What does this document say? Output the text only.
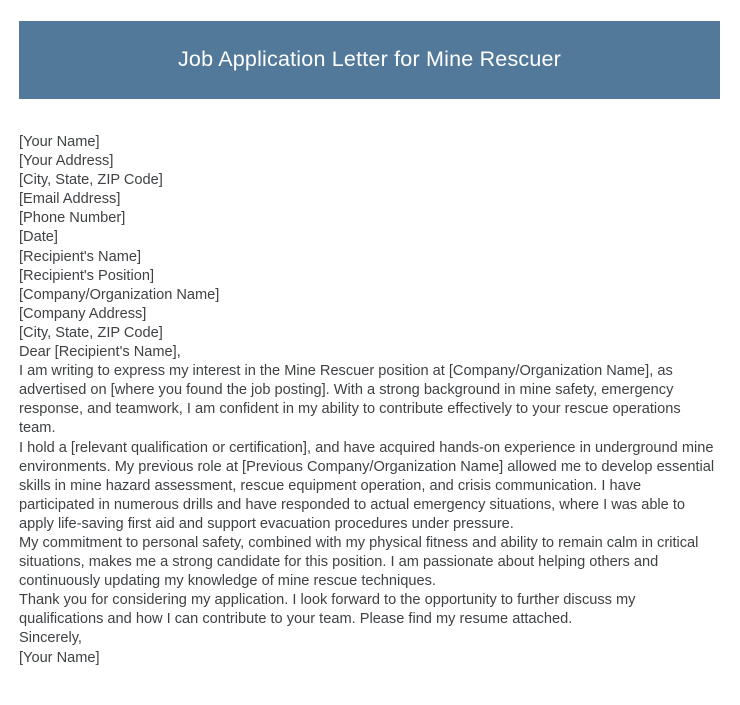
Job Application Letter for Mine Rescuer
[Your Name]
[Your Address]
[City, State, ZIP Code]
[Email Address]
[Phone Number]
[Date]
[Recipient's Name]
[Recipient's Position]
[Company/Organization Name]
[Company Address]
[City, State, ZIP Code]
Dear [Recipient's Name],

I am writing to express my interest in the Mine Rescuer position at [Company/Organization Name], as advertised on [where you found the job posting]. With a strong background in mine safety, emergency response, and teamwork, I am confident in my ability to contribute effectively to your rescue operations team.

I hold a [relevant qualification or certification], and have acquired hands-on experience in underground mine environments. My previous role at [Previous Company/Organization Name] allowed me to develop essential skills in mine hazard assessment, rescue equipment operation, and crisis communication. I have participated in numerous drills and have responded to actual emergency situations, where I was able to apply life-saving first aid and support evacuation procedures under pressure.

My commitment to personal safety, combined with my physical fitness and ability to remain calm in critical situations, makes me a strong candidate for this position. I am passionate about helping others and continuously updating my knowledge of mine rescue techniques.

Thank you for considering my application. I look forward to the opportunity to further discuss my qualifications and how I can contribute to your team. Please find my resume attached.

Sincerely,
[Your Name]
